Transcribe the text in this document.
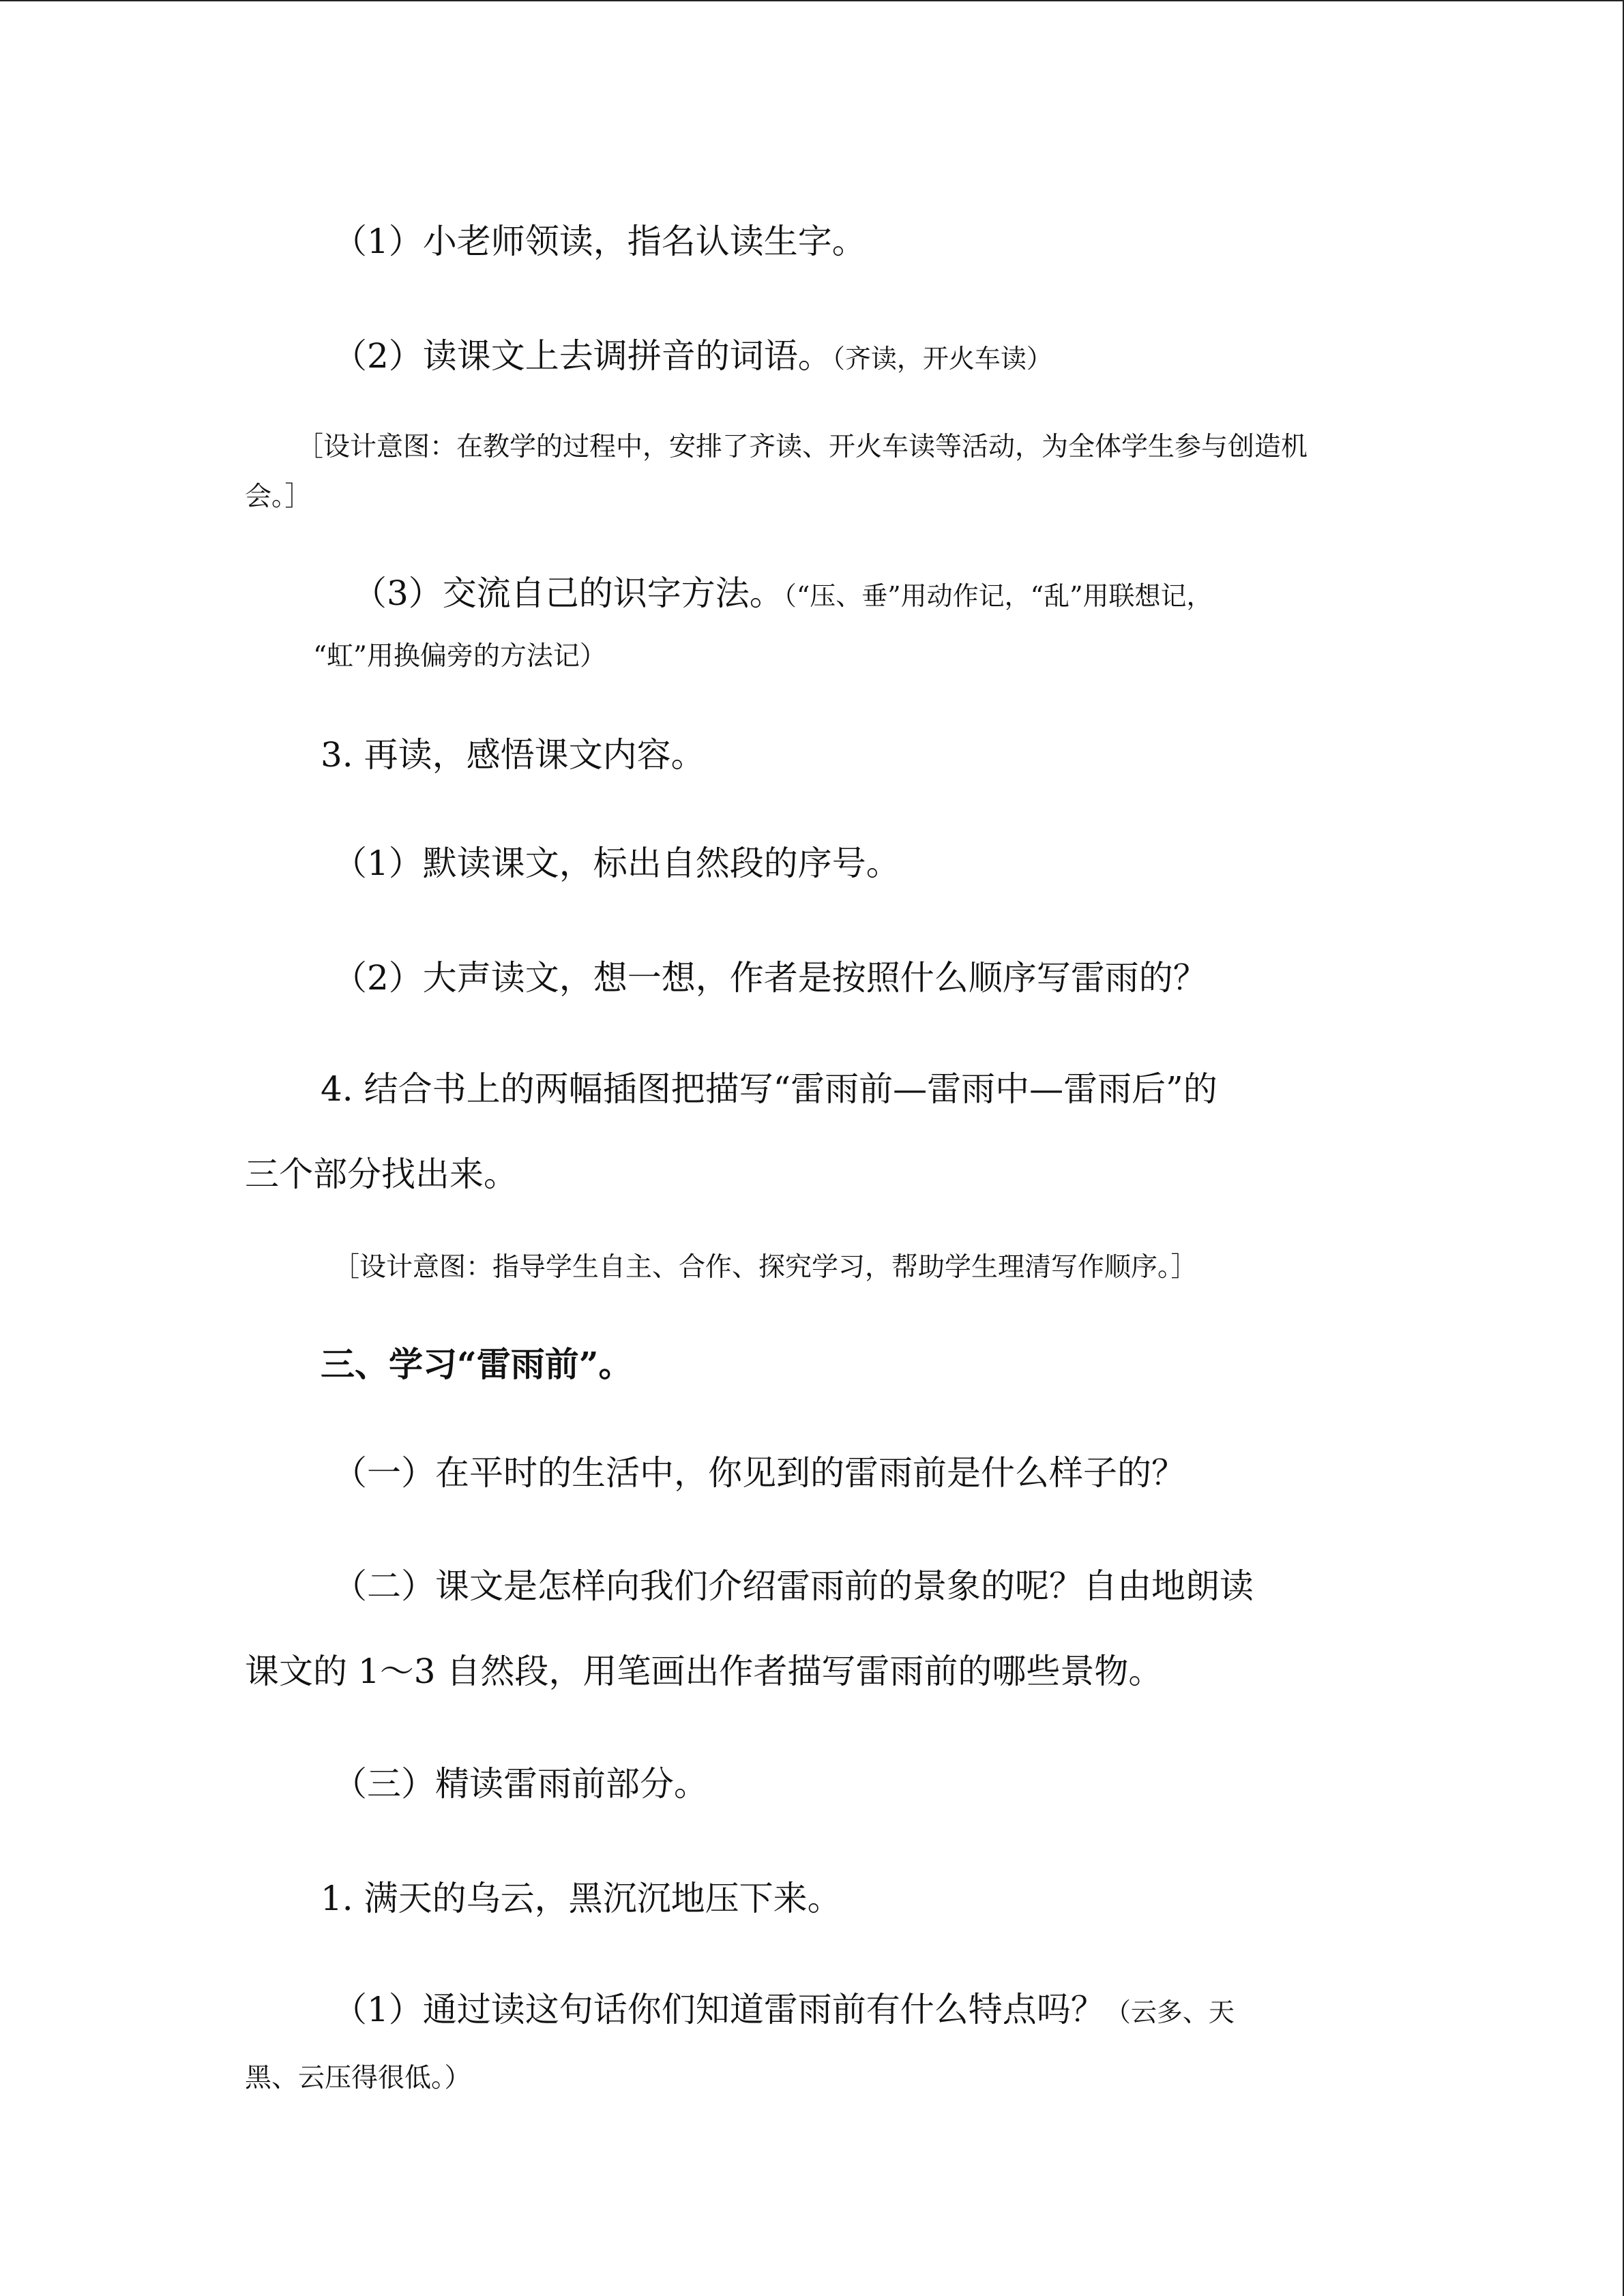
（1）小老师领读，指名认读生字。
（2）读课文上去调拼音的词语。（齐读，开火车读）
［设计意图：在教学的过程中，安排了齐读、开火车读等活动，为全体学生参与创造机
会。］
（3）交流自己的识字方法。（“压、垂”用动作记，“乱”用联想记，
“虹”用换偏旁的方法记）
3. 再读，感悟课文内容。
（1）默读课文，标出自然段的序号。
（2）大声读文，想一想，作者是按照什么顺序写雷雨的？
4. 结合书上的两幅插图把描写“雷雨前—雷雨中—雷雨后”的
三个部分找出来。
［设计意图：指导学生自主、合作、探究学习，帮助学生理清写作顺序。］
三、学习“雷雨前”。
（一）在平时的生活中，你见到的雷雨前是什么样子的？
（二）课文是怎样向我们介绍雷雨前的景象的呢？自由地朗读
课文的 1～3 自然段，用笔画出作者描写雷雨前的哪些景物。
（三）精读雷雨前部分。
1. 满天的乌云，黑沉沉地压下来。
（1）通过读这句话你们知道雷雨前有什么特点吗？（云多、天
黑、云压得很低。）
